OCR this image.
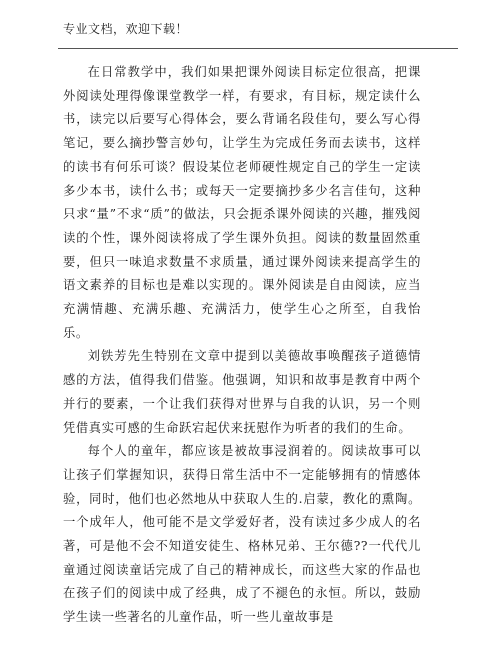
专业文档，欢迎下载！

在日常教学中，我们如果把课外阅读目标定位很高，把课外阅读处理得像课堂教学一样，有要求，有目标，规定读什么书，读完以后要写心得体会，要么背诵名段佳句，要么写心得笔记，要么摘抄警言妙句，让学生为完成任务而去读书，这样的读书有何乐可谈？假设某位老师硬性规定自己的学生一定读多少本书，读什么书；或每天一定要摘抄多少名言佳句，这种只求“量”不求“质”的做法，只会扼杀课外阅读的兴趣，摧残阅读的个性，课外阅读将成了学生课外负担。阅读的数量固然重要，但只一味追求数量不求质量，通过课外阅读来提高学生的语文素养的目标也是难以实现的。课外阅读是自由阅读，应当充满情趣、充满乐趣、充满活力，使学生心之所至，自我怡乐。

刘铁芳先生特别在文章中提到以美德故事唤醒孩子道德情感的方法，值得我们借鉴。他强调，知识和故事是教育中两个并行的要素，一个让我们获得对世界与自我的认识，另一个则凭借真实可感的生命跃宕起伏来抚慰作为听者的我们的生命。

每个人的童年，都应该是被故事浸润着的。阅读故事可以让孩子们掌握知识，获得日常生活中不一定能够拥有的情感体验，同时，他们也必然地从中获取人生的.启蒙，教化的熏陶。一个成年人，他可能不是文学爱好者，没有读过多少成人的名著，可是他不会不知道安徒生、格林兄弟、王尔德??一代代儿童通过阅读童话完成了自己的精神成长，而这些大家的作品也在孩子们的阅读中成了经典，成了不褪色的永恒。所以，鼓励学生读一些著名的儿童作品，听一些儿童故事是
